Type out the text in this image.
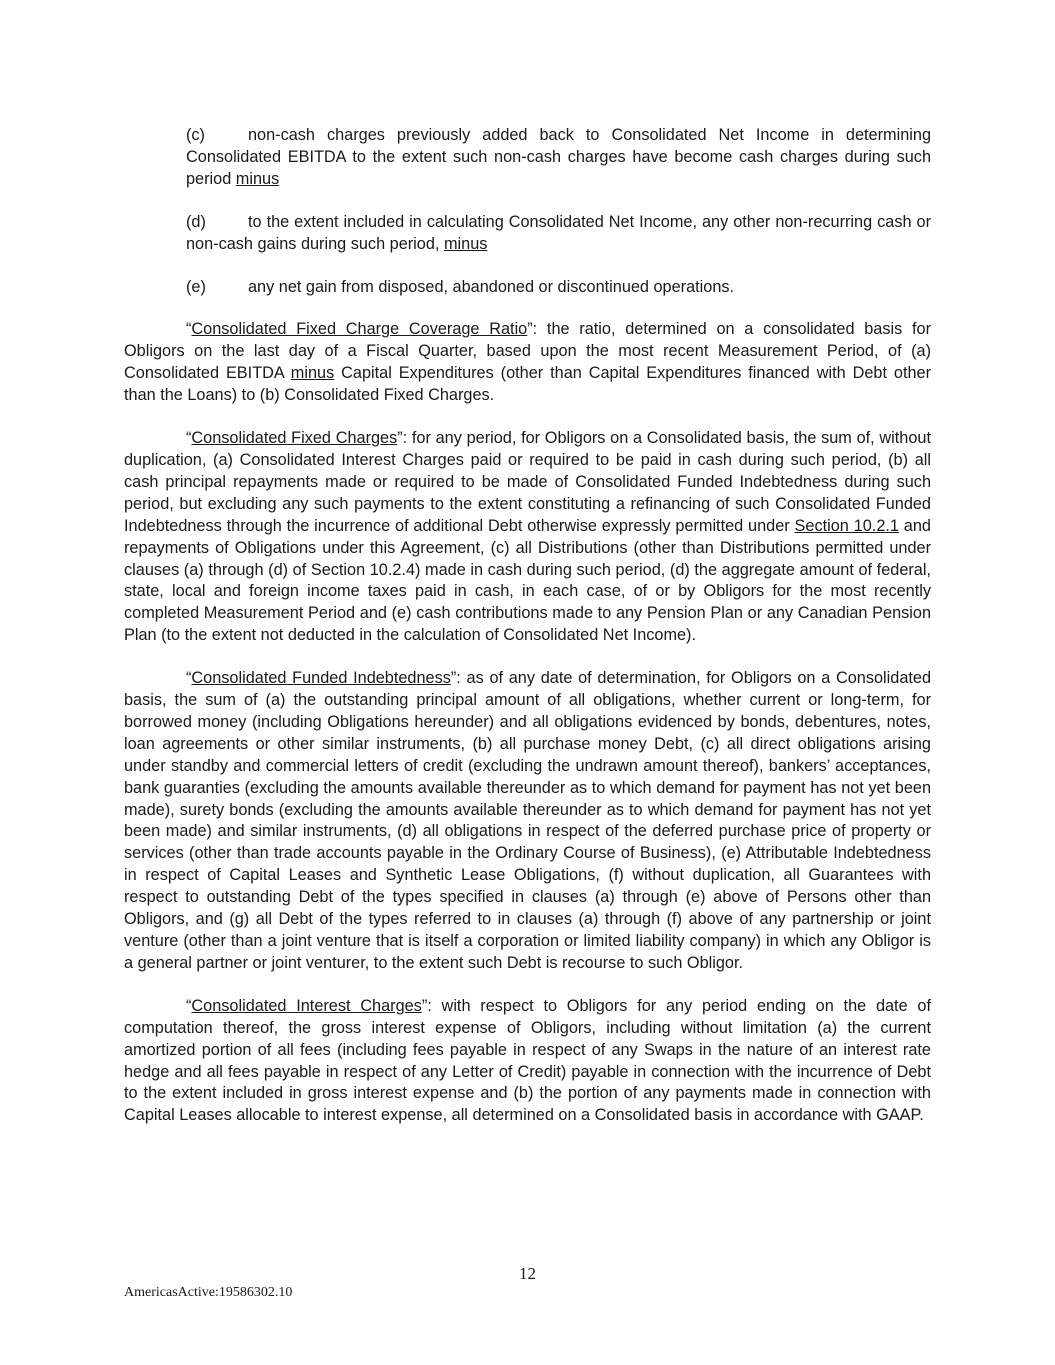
(c)	non-cash charges previously added back to Consolidated Net Income in determining Consolidated EBITDA to the extent such non-cash charges have become cash charges during such period minus

(d)	to the extent included in calculating Consolidated Net Income, any other non-recurring cash or non-cash gains during such period, minus

(e)	any net gain from disposed, abandoned or discontinued operations.

“Consolidated Fixed Charge Coverage Ratio”: the ratio, determined on a consolidated basis for Obligors on the last day of a Fiscal Quarter, based upon the most recent Measurement Period, of (a) Consolidated EBITDA minus Capital Expenditures (other than Capital Expenditures financed with Debt other than the Loans) to (b) Consolidated Fixed Charges.

“Consolidated Fixed Charges”: for any period, for Obligors on a Consolidated basis, the sum of, without duplication, (a) Consolidated Interest Charges paid or required to be paid in cash during such period, (b) all cash principal repayments made or required to be made of Consolidated Funded Indebtedness during such period, but excluding any such payments to the extent constituting a refinancing of such Consolidated Funded Indebtedness through the incurrence of additional Debt otherwise expressly permitted under Section 10.2.1 and repayments of Obligations under this Agreement, (c) all Distributions (other than Distributions permitted under clauses (a) through (d) of Section 10.2.4) made in cash during such period, (d) the aggregate amount of federal, state, local and foreign income taxes paid in cash, in each case, of or by Obligors for the most recently completed Measurement Period and (e) cash contributions made to any Pension Plan or any Canadian Pension Plan (to the extent not deducted in the calculation of Consolidated Net Income).

“Consolidated Funded Indebtedness”: as of any date of determination, for Obligors on a Consolidated basis, the sum of (a) the outstanding principal amount of all obligations, whether current or long-term, for borrowed money (including Obligations hereunder) and all obligations evidenced by bonds, debentures, notes, loan agreements or other similar instruments, (b) all purchase money Debt, (c) all direct obligations arising under standby and commercial letters of credit (excluding the undrawn amount thereof), bankers’ acceptances, bank guaranties (excluding the amounts available thereunder as to which demand for payment has not yet been made), surety bonds (excluding the amounts available thereunder as to which demand for payment has not yet been made) and similar instruments, (d) all obligations in respect of the deferred purchase price of property or services (other than trade accounts payable in the Ordinary Course of Business), (e) Attributable Indebtedness in respect of Capital Leases and Synthetic Lease Obligations, (f) without duplication, all Guarantees with respect to outstanding Debt of the types specified in clauses (a) through (e) above of Persons other than Obligors, and (g) all Debt of the types referred to in clauses (a) through (f) above of any partnership or joint venture (other than a joint venture that is itself a corporation or limited liability company) in which any Obligor is a general partner or joint venturer, to the extent such Debt is recourse to such Obligor.

“Consolidated Interest Charges”: with respect to Obligors for any period ending on the date of computation thereof, the gross interest expense of Obligors, including without limitation (a) the current amortized portion of all fees (including fees payable in respect of any Swaps in the nature of an interest rate hedge and all fees payable in respect of any Letter of Credit) payable in connection with the incurrence of Debt to the extent included in gross interest expense and (b) the portion of any payments made in connection with Capital Leases allocable to interest expense, all determined on a Consolidated basis in accordance with GAAP.

12
AmericasActive:19586302.10
